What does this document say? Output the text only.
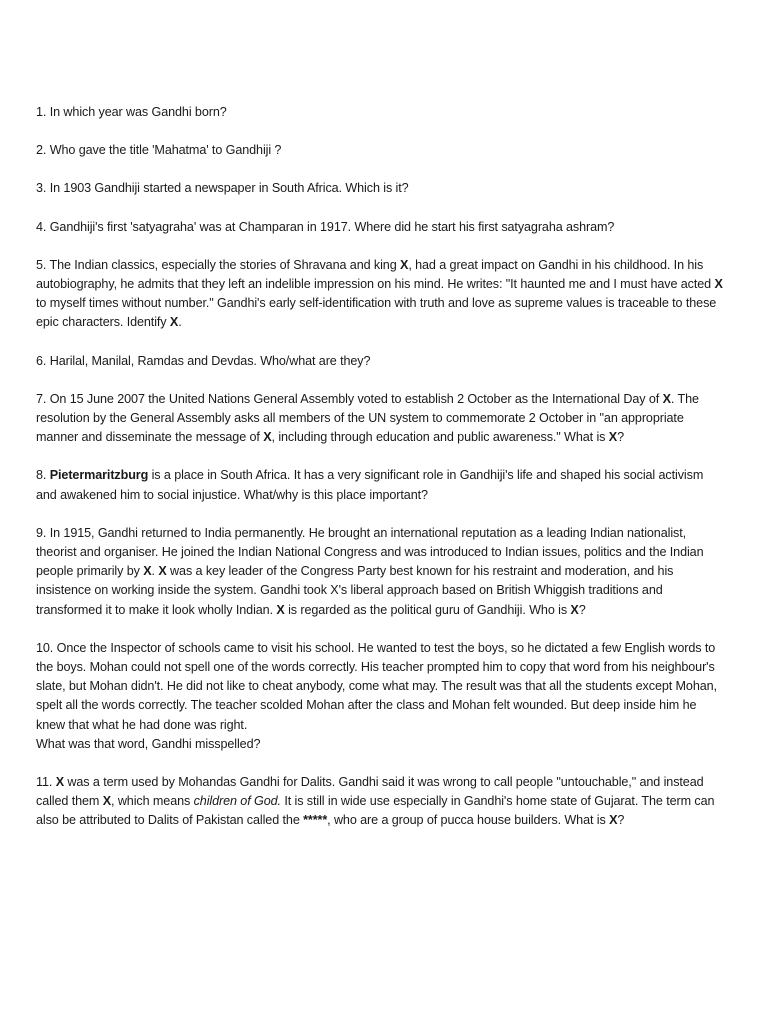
1. In which year was Gandhi born?

2. Who gave the title 'Mahatma' to Gandhiji ?

3. In 1903 Gandhiji started a newspaper in South Africa. Which is it?

4. Gandhiji's first 'satyagraha' was at Champaran in 1917. Where did he start his first satyagraha ashram?

5. The Indian classics, especially the stories of Shravana and king X, had a great impact on Gandhi in his childhood. In his autobiography, he admits that they left an indelible impression on his mind. He writes: "It haunted me and I must have acted X to myself times without number." Gandhi's early self-identification with truth and love as supreme values is traceable to these epic characters. Identify X.

6. Harilal, Manilal, Ramdas and Devdas. Who/what are they?

7. On 15 June 2007 the United Nations General Assembly voted to establish 2 October as the International Day of X. The resolution by the General Assembly asks all members of the UN system to commemorate 2 October in "an appropriate manner and disseminate the message of X, including through education and public awareness." What is X?

8. Pietermaritzburg is a place in South Africa. It has a very significant role in Gandhiji's life and shaped his social activism and awakened him to social injustice. What/why is this place important?

9. In 1915, Gandhi returned to India permanently. He brought an international reputation as a leading Indian nationalist, theorist and organiser. He joined the Indian National Congress and was introduced to Indian issues, politics and the Indian people primarily by X. X was a key leader of the Congress Party best known for his restraint and moderation, and his insistence on working inside the system. Gandhi took X's liberal approach based on British Whiggish traditions and transformed it to make it look wholly Indian. X is regarded as the political guru of Gandhiji. Who is X?

10. Once the Inspector of schools came to visit his school. He wanted to test the boys, so he dictated a few English words to the boys. Mohan could not spell one of the words correctly. His teacher prompted him to copy that word from his neighbour's slate, but Mohan didn't. He did not like to cheat anybody, come what may. The result was that all the students except Mohan, spelt all the words correctly. The teacher scolded Mohan after the class and Mohan felt wounded. But deep inside him he knew that what he had done was right.

What was that word, Gandhi misspelled?

11. X was a term used by Mohandas Gandhi for Dalits. Gandhi said it was wrong to call people "untouchable," and instead called them X, which means children of God. It is still in wide use especially in Gandhi's home state of Gujarat. The term can also be attributed to Dalits of Pakistan called the *****, who are a group of pucca house builders. What is X?
